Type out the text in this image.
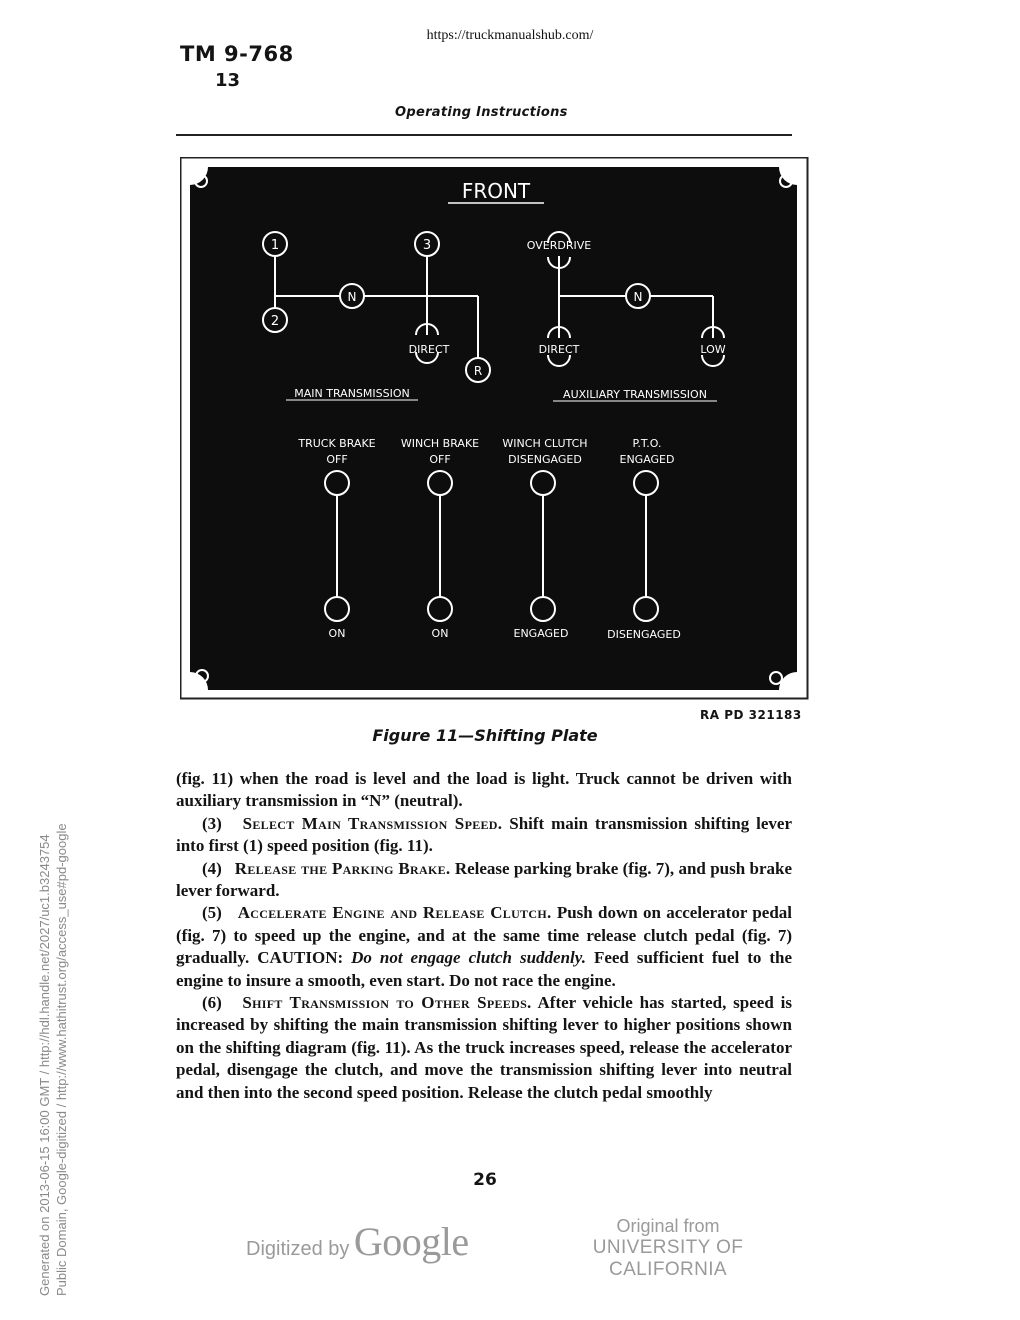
https://truckmanualshub.com/
TM 9-768
13
Operating Instructions
FRONT
1
2
3
N
R
DIRECT
MAIN TRANSMISSION
N
OVERDRIVE
DIRECT	LOW
AUXILIARY TRANSMISSION
TRUCK BRAKE
OFF
ON
WINCH BRAKE
OFF
ON
WINCH CLUTCH
DISENGAGED
ENGAGED
P.T.O.
ENGAGED
DISENGAGED
RA PD 321183
Figure 11—Shifting Plate

(fig. 11) when the road is level and the load is light. Truck cannot be driven with auxiliary transmission in “N” (neutral).

(3) Select Main Transmission Speed. Shift main transmission shifting lever into first (1) speed position (fig. 11).

(4) Release the Parking Brake. Release parking brake (fig. 7), and push brake lever forward.

(5) Accelerate Engine and Release Clutch. Push down on accelerator pedal (fig. 7) to speed up the engine, and at the same time release clutch pedal (fig. 7) gradually. CAUTION: Do not engage clutch suddenly. Feed sufficient fuel to the engine to insure a smooth, even start. Do not race the engine.

(6) Shift Transmission to Other Speeds. After vehicle has started, speed is increased by shifting the main transmission shifting lever to higher positions shown on the shifting diagram (fig. 11). As the truck increases speed, release the accelerator pedal, disengage the clutch, and move the transmission shifting lever into neutral and then into the second speed position. Release the clutch pedal smoothly

26
Digitized by Google	Original from
UNIVERSITY OF CALIFORNIA
Generated on 2013-06-15 16:00 GMT / http://hdl.handle.net/2027/uc1.b3243754 Public Domain, Google-digitized / http://www.hathitrust.org/access_use#pd-google
